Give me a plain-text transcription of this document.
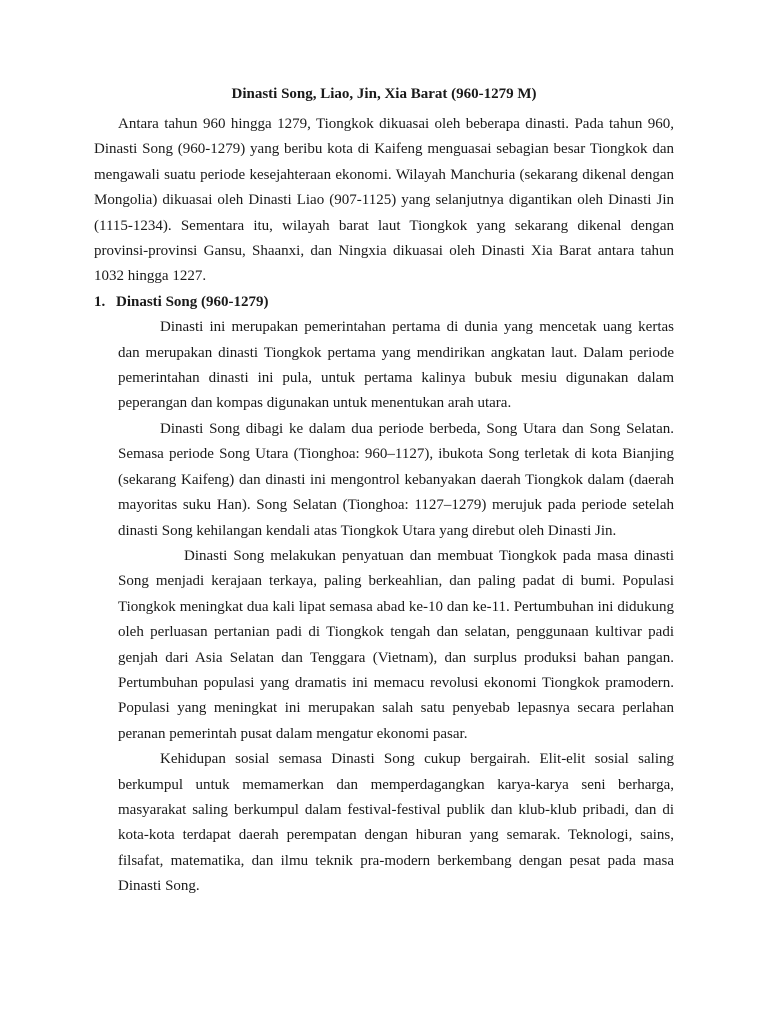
Dinasti Song, Liao, Jin, Xia Barat (960-1279 M)

Antara tahun 960 hingga 1279, Tiongkok dikuasai oleh beberapa dinasti. Pada tahun 960, Dinasti Song (960-1279) yang beribu kota di Kaifeng menguasai sebagian besar Tiongkok dan mengawali suatu periode kesejahteraan ekonomi. Wilayah Manchuria (sekarang dikenal dengan Mongolia) dikuasai oleh Dinasti Liao (907-1125) yang selanjutnya digantikan oleh Dinasti Jin (1115-1234). Sementara itu, wilayah barat laut Tiongkok yang sekarang dikenal dengan provinsi-provinsi Gansu, Shaanxi, dan Ningxia dikuasai oleh Dinasti Xia Barat antara tahun 1032 hingga 1227.

1. Dinasti Song (960-1279)

Dinasti ini merupakan pemerintahan pertama di dunia yang mencetak uang kertas dan merupakan dinasti Tiongkok pertama yang mendirikan angkatan laut. Dalam periode pemerintahan dinasti ini pula, untuk pertama kalinya bubuk mesiu digunakan dalam peperangan dan kompas digunakan untuk menentukan arah utara.

Dinasti Song dibagi ke dalam dua periode berbeda, Song Utara dan Song Selatan. Semasa periode Song Utara (Tionghoa: 960–1127), ibukota Song terletak di kota Bianjing (sekarang Kaifeng) dan dinasti ini mengontrol kebanyakan daerah Tiongkok dalam (daerah mayoritas suku Han). Song Selatan (Tionghoa: 1127–1279) merujuk pada periode setelah dinasti Song kehilangan kendali atas Tiongkok Utara yang direbut oleh Dinasti Jin.

Dinasti Song melakukan penyatuan dan membuat Tiongkok pada masa dinasti Song menjadi kerajaan terkaya, paling berkeahlian, dan paling padat di bumi. Populasi Tiongkok meningkat dua kali lipat semasa abad ke-10 dan ke-11. Pertumbuhan ini didukung oleh perluasan pertanian padi di Tiongkok tengah dan selatan, penggunaan kultivar padi genjah dari Asia Selatan dan Tenggara (Vietnam), dan surplus produksi bahan pangan. Pertumbuhan populasi yang dramatis ini memacu revolusi ekonomi Tiongkok pramodern. Populasi yang meningkat ini merupakan salah satu penyebab lepasnya secara perlahan peranan pemerintah pusat dalam mengatur ekonomi pasar.

Kehidupan sosial semasa Dinasti Song cukup bergairah. Elit-elit sosial saling berkumpul untuk memamerkan dan memperdagangkan karya-karya seni berharga, masyarakat saling berkumpul dalam festival-festival publik dan klub-klub pribadi, dan di kota-kota terdapat daerah perempatan dengan hiburan yang semarak. Teknologi, sains, filsafat, matematika, dan ilmu teknik pra-modern berkembang dengan pesat pada masa Dinasti Song.
